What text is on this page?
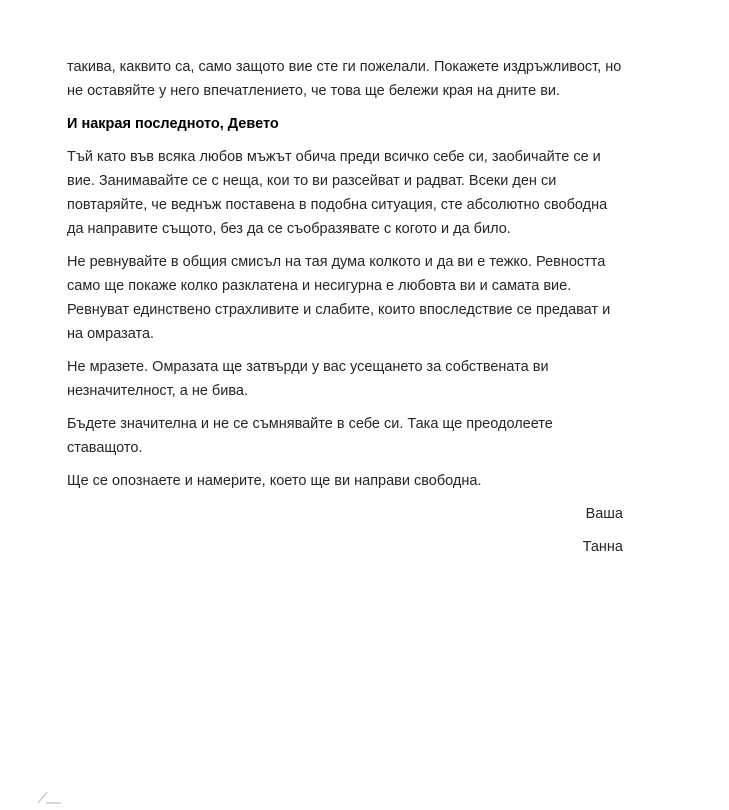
такива, каквито са, само защото вие сте ги пожелали. Покажете издръжливост, но не оставяйте у него впечатлението, че това ще бележи края на дните ви.

И накрая последното, Девето

Тъй като във всяка любов мъжът обича преди всичко себе си, заобичайте се и вие. Занимавайте се с неща, кои то ви разсейват и радват. Всеки ден си повтаряйте, че веднъж поставена в подобна ситуация, сте абсолютно свободна да направите същото, без да се съобразявате с когото и да било.

Не ревнувайте в общия смисъл на тая дума колкото и да ви е тежко. Ревността само ще покаже колко разклатена и несигурна е любовта ви и самата вие. Ревнуват единствено страхливите и слабите, които впоследствие се предават и на омразата.

Не мразете. Омразата ще затвърди у вас усещането за собствената ви незначителност, а не бива.

Бъдете значителна и не се съмнявайте в себе си. Така ще преодолеете ставащото.

Ще се опознаете и намерите, което ще ви направи свободна.

Ваша

Танна
